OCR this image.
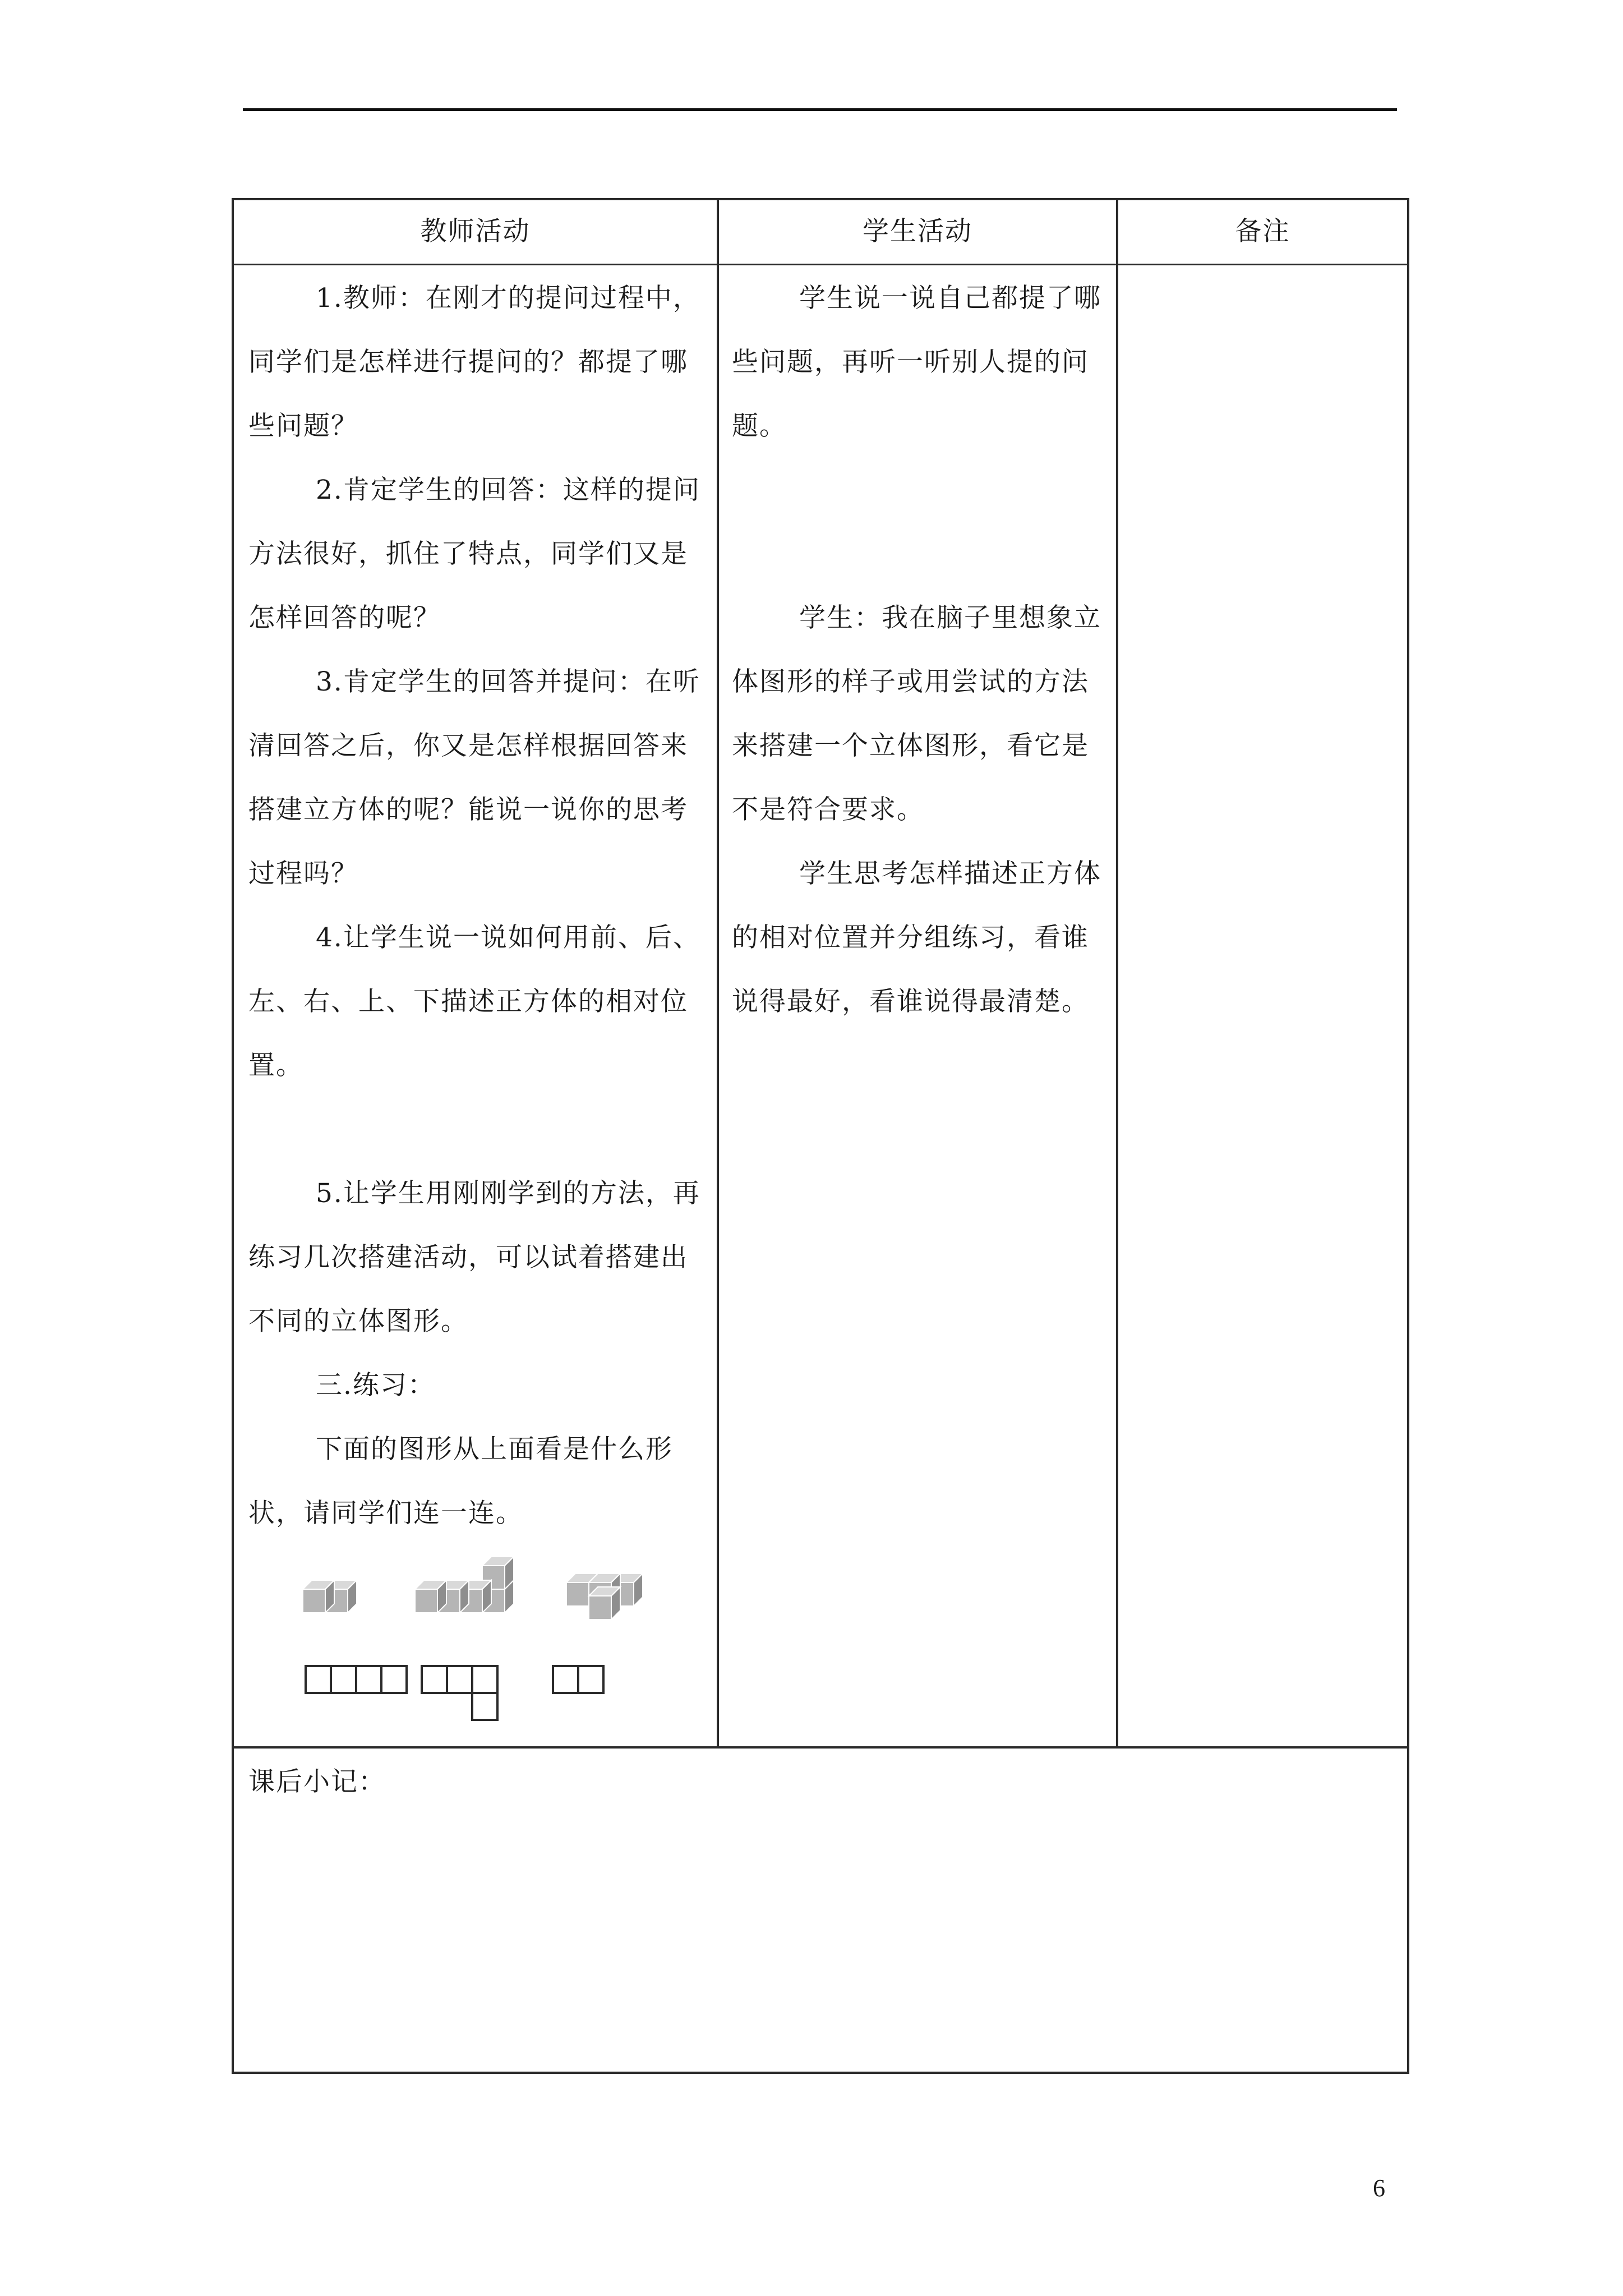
教师活动	学生活动	备注

1.教师：在刚才的提问过程中，同学们是怎样进行提问的？都提了哪些问题？

2.肯定学生的回答：这样的提问方法很好，抓住了特点，同学们又是怎样回答的呢？

3.肯定学生的回答并提问：在听清回答之后，你又是怎样根据回答来搭建立方体的呢？能说一说你的思考过程吗？

4.让学生说一说如何用前、后、左、右、上、下描述正方体的相对位置。

5.让学生用刚刚学到的方法，再练习几次搭建活动，可以试着搭建出不同的立体图形。

三.练习：

下面的图形从上面看是什么形状，请同学们连一连。

学生说一说自己都提了哪些问题，再听一听别人提的问题。

学生：我在脑子里想象立体图形的样子或用尝试的方法来搭建一个立体图形，看它是不是符合要求。

学生思考怎样描述正方体的相对位置并分组练习，看谁说得最好，看谁说得最清楚。

课后小记：
6
